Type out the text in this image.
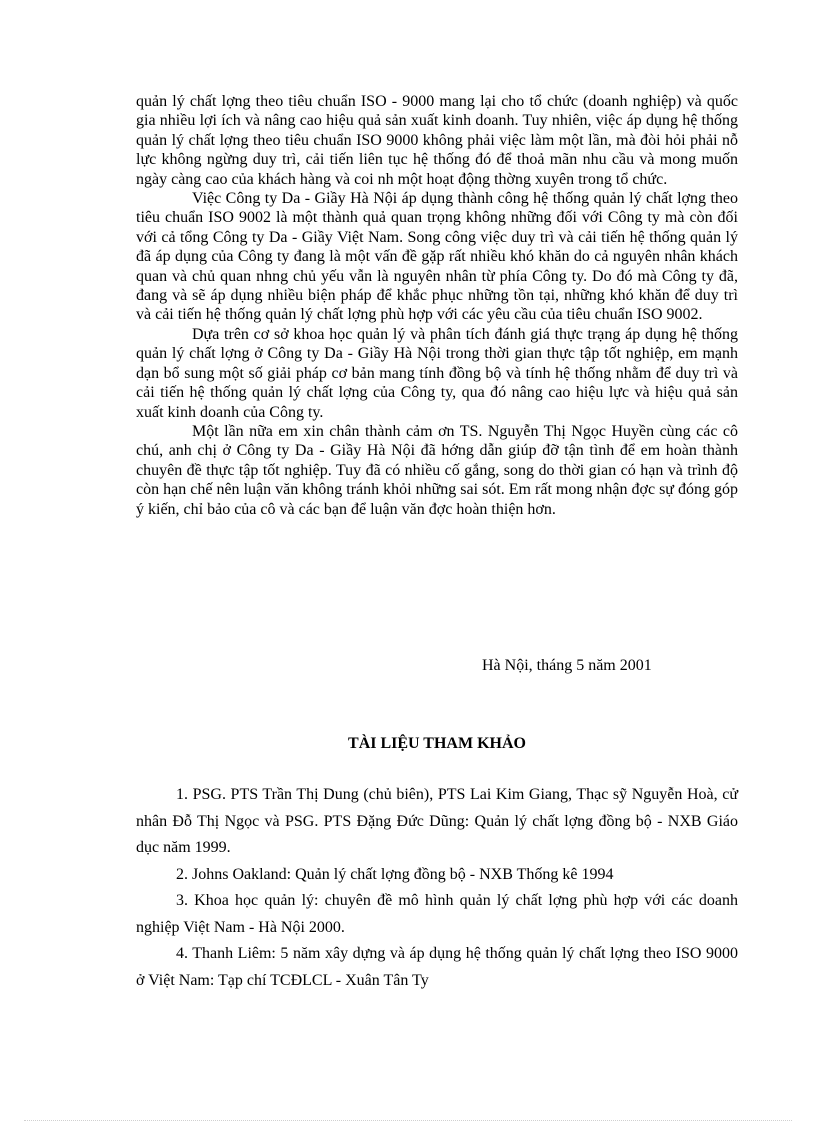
quản lý chất lợng theo tiêu chuẩn ISO - 9000 mang lại cho tổ chức (doanh nghiệp) và quốc gia nhiều lợi ích và nâng cao hiệu quả sản xuất kinh doanh. Tuy nhiên, việc áp dụng hệ thống quản lý chất lợng theo tiêu chuẩn ISO 9000 không phải việc làm một lần, mà đòi hỏi phải nỗ lực không ngừng duy trì, cải tiến liên tục hệ thống đó để thoả mãn nhu cầu và mong muốn ngày càng cao của khách hàng và coi nh một hoạt động thờng xuyên trong tổ chức.

Việc Công ty Da - Giầy Hà Nội áp dụng thành công hệ thống quản lý chất lợng theo tiêu chuẩn ISO 9002 là một thành quả quan trọng không những đối với Công ty mà còn đối với cả tổng Công ty Da - Giầy Việt Nam. Song công việc duy trì và cải tiến hệ thống quản lý đã áp dụng của Công ty đang là một vấn đề gặp rất nhiều khó khăn do cả nguyên nhân khách quan và chủ quan nhng chủ yếu vẫn là nguyên nhân từ phía Công ty. Do đó mà Công ty đã, đang và sẽ áp dụng nhiều biện pháp để khắc phục những tồn tại, những khó khăn để duy trì và cải tiến hệ thống quản lý chất lợng phù hợp với các yêu cầu của tiêu chuẩn ISO 9002.

Dựa trên cơ sở khoa học quản lý và phân tích đánh giá thực trạng áp dụng hệ thống quản lý chất lợng ở Công ty Da - Giầy Hà Nội trong thời gian thực tập tốt nghiệp, em mạnh dạn bổ sung một số giải pháp cơ bản mang tính đồng bộ và tính hệ thống nhằm để duy trì và cải tiến hệ thống quản lý chất lợng của Công ty, qua đó nâng cao hiệu lực và hiệu quả sản xuất kinh doanh của Công ty.

Một lần nữa em xin chân thành cảm ơn TS. Nguyễn Thị Ngọc Huyền cùng các cô chú, anh chị ở Công ty Da - Giầy Hà Nội đã hớng dẫn giúp đỡ tận tình để em hoàn thành chuyên đề thực tập tốt nghiệp. Tuy đã có nhiều cố gắng, song do thời gian có hạn và trình độ còn hạn chế nên luận văn không tránh khỏi những sai sót. Em rất mong nhận đợc sự đóng góp ý kiến, chỉ bảo của cô và các bạn để luận văn đợc hoàn thiện hơn.

Hà Nội, tháng 5 năm 2001
TÀI LIỆU THAM KHẢO

1. PSG. PTS Trần Thị Dung (chủ biên), PTS Lai Kim Giang, Thạc sỹ Nguyễn Hoà, cử nhân Đỗ Thị Ngọc và PSG. PTS Đặng Đức Dũng: Quản lý chất lợng đồng bộ - NXB Giáo dục năm 1999.

2. Johns Oakland: Quản lý chất lợng đồng bộ - NXB Thống kê 1994

3. Khoa học quản lý: chuyên đề mô hình quản lý chất lợng phù hợp với các doanh nghiệp Việt Nam - Hà Nội 2000.

4. Thanh Liêm: 5 năm xây dựng và áp dụng hệ thống quản lý chất lợng theo ISO 9000 ở Việt Nam: Tạp chí TCĐLCL - Xuân Tân Ty
